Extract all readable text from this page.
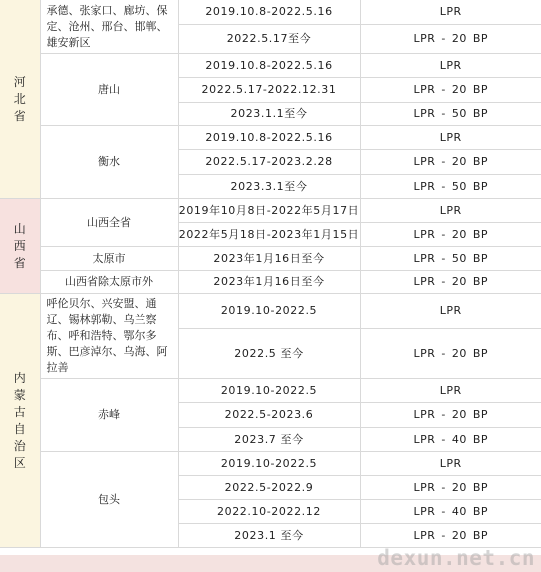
河北省	承德、张家口、廊坊、保定、沧州、邢台、邯郸、雄安新区	2019.10.8-2022.5.16	LPR
		2022.5.17至今	LPR - 20 BP
	唐山	2019.10.8-2022.5.16	LPR
		2022.5.17-2022.12.31	LPR - 20 BP
		2023.1.1至今	LPR - 50 BP
	衡水	2019.10.8-2022.5.16	LPR
		2022.5.17-2023.2.28	LPR - 20 BP
		2023.3.1至今	LPR - 50 BP

山西省	山西全省	2019年10月8日-2022年5月17日	LPR
		2022年5月18日-2023年1月15日	LPR - 20 BP
	太原市	2023年1月16日至今	LPR - 50 BP
	山西省除太原市外	2023年1月16日至今	LPR - 20 BP

内蒙古自治区	呼伦贝尔、兴安盟、通辽、锡林郭勒、乌兰察布、呼和浩特、鄂尔多斯、巴彦淖尔、乌海、阿拉善	2019.10-2022.5	LPR
		2022.5 至今	LPR - 20 BP
	赤峰	2019.10-2022.5	LPR
		2022.5-2023.6	LPR - 20 BP
		2023.7 至今	LPR - 40 BP
	包头	2019.10-2022.5	LPR
		2022.5-2022.9	LPR - 20 BP
		2022.10-2022.12	LPR - 40 BP
		2023.1 至今	LPR - 20 BP
dexun.net.cn
